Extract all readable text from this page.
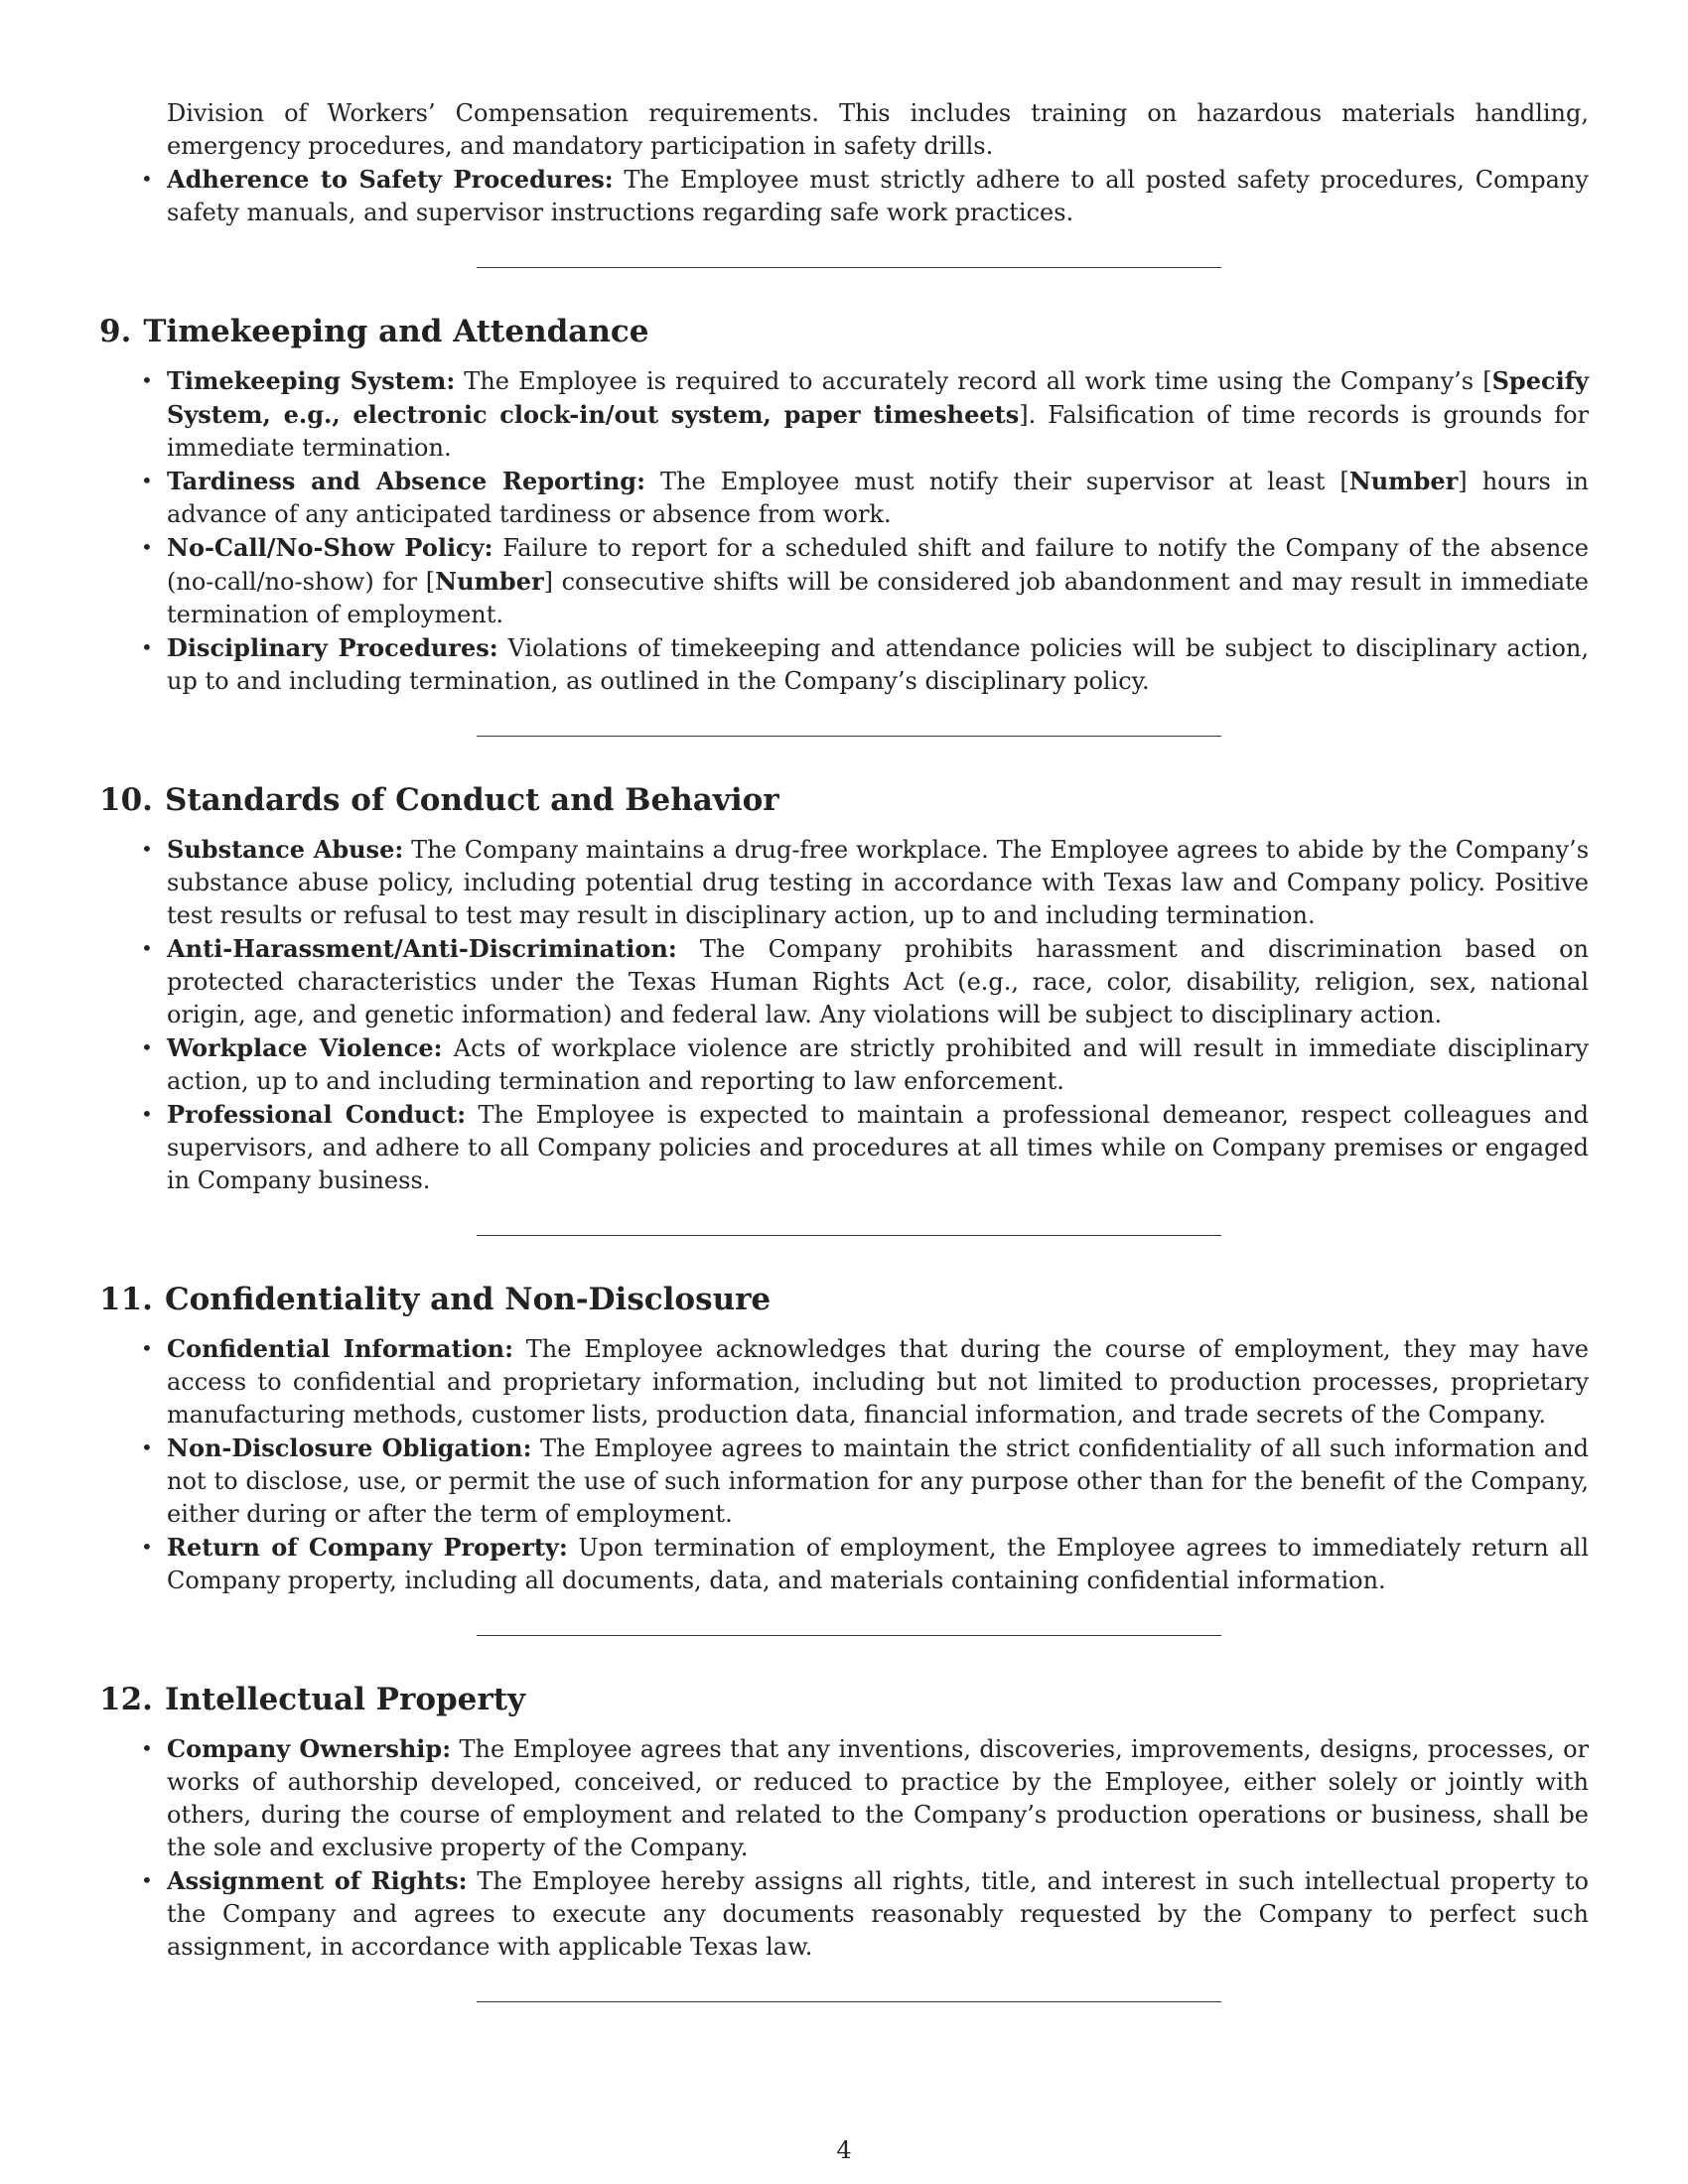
Division of Workers’ Compensation requirements. This includes training on hazardous materials handling, emergency procedures, and mandatory participation in safety drills.
• Adherence to Safety Procedures: The Employee must strictly adhere to all posted safety procedures, Company safety manuals, and supervisor instructions regarding safe work practices.
9. Timekeeping and Attendance
• Timekeeping System: The Employee is required to accurately record all work time using the Company’s [Specify System, e.g., electronic clock-in/out system, paper timesheets]. Falsification of time records is grounds for immediate termination.
• Tardiness and Absence Reporting: The Employee must notify their supervisor at least [Number] hours in advance of any anticipated tardiness or absence from work.
• No-Call/No-Show Policy: Failure to report for a scheduled shift and failure to notify the Company of the absence (no-call/no-show) for [Number] consecutive shifts will be considered job abandonment and may result in immediate termination of employment.
• Disciplinary Procedures: Violations of timekeeping and attendance policies will be subject to disciplinary action, up to and including termination, as outlined in the Company’s disciplinary policy.
10. Standards of Conduct and Behavior
• Substance Abuse: The Company maintains a drug-free workplace. The Employee agrees to abide by the Company’s substance abuse policy, including potential drug testing in accordance with Texas law and Company policy. Positive test results or refusal to test may result in disciplinary action, up to and including termination.
• Anti-Harassment/Anti-Discrimination: The Company prohibits harassment and discrimination based on protected characteristics under the Texas Human Rights Act (e.g., race, color, disability, religion, sex, national origin, age, and genetic information) and federal law. Any violations will be subject to disciplinary action.
• Workplace Violence: Acts of workplace violence are strictly prohibited and will result in immediate disciplinary action, up to and including termination and reporting to law enforcement.
• Professional Conduct: The Employee is expected to maintain a professional demeanor, respect colleagues and supervisors, and adhere to all Company policies and procedures at all times while on Company premises or engaged in Company business.
11. Confidentiality and Non-Disclosure
• Confidential Information: The Employee acknowledges that during the course of employment, they may have access to confidential and proprietary information, including but not limited to production processes, proprietary manufacturing methods, customer lists, production data, financial information, and trade secrets of the Company.
• Non-Disclosure Obligation: The Employee agrees to maintain the strict confidentiality of all such information and not to disclose, use, or permit the use of such information for any purpose other than for the benefit of the Company, either during or after the term of employment.
• Return of Company Property: Upon termination of employment, the Employee agrees to immediately return all Company property, including all documents, data, and materials containing confidential information.
12. Intellectual Property
• Company Ownership: The Employee agrees that any inventions, discoveries, improvements, designs, processes, or works of authorship developed, conceived, or reduced to practice by the Employee, either solely or jointly with others, during the course of employment and related to the Company’s production operations or business, shall be the sole and exclusive property of the Company.
• Assignment of Rights: The Employee hereby assigns all rights, title, and interest in such intellectual property to the Company and agrees to execute any documents reasonably requested by the Company to perfect such assignment, in accordance with applicable Texas law.
4
